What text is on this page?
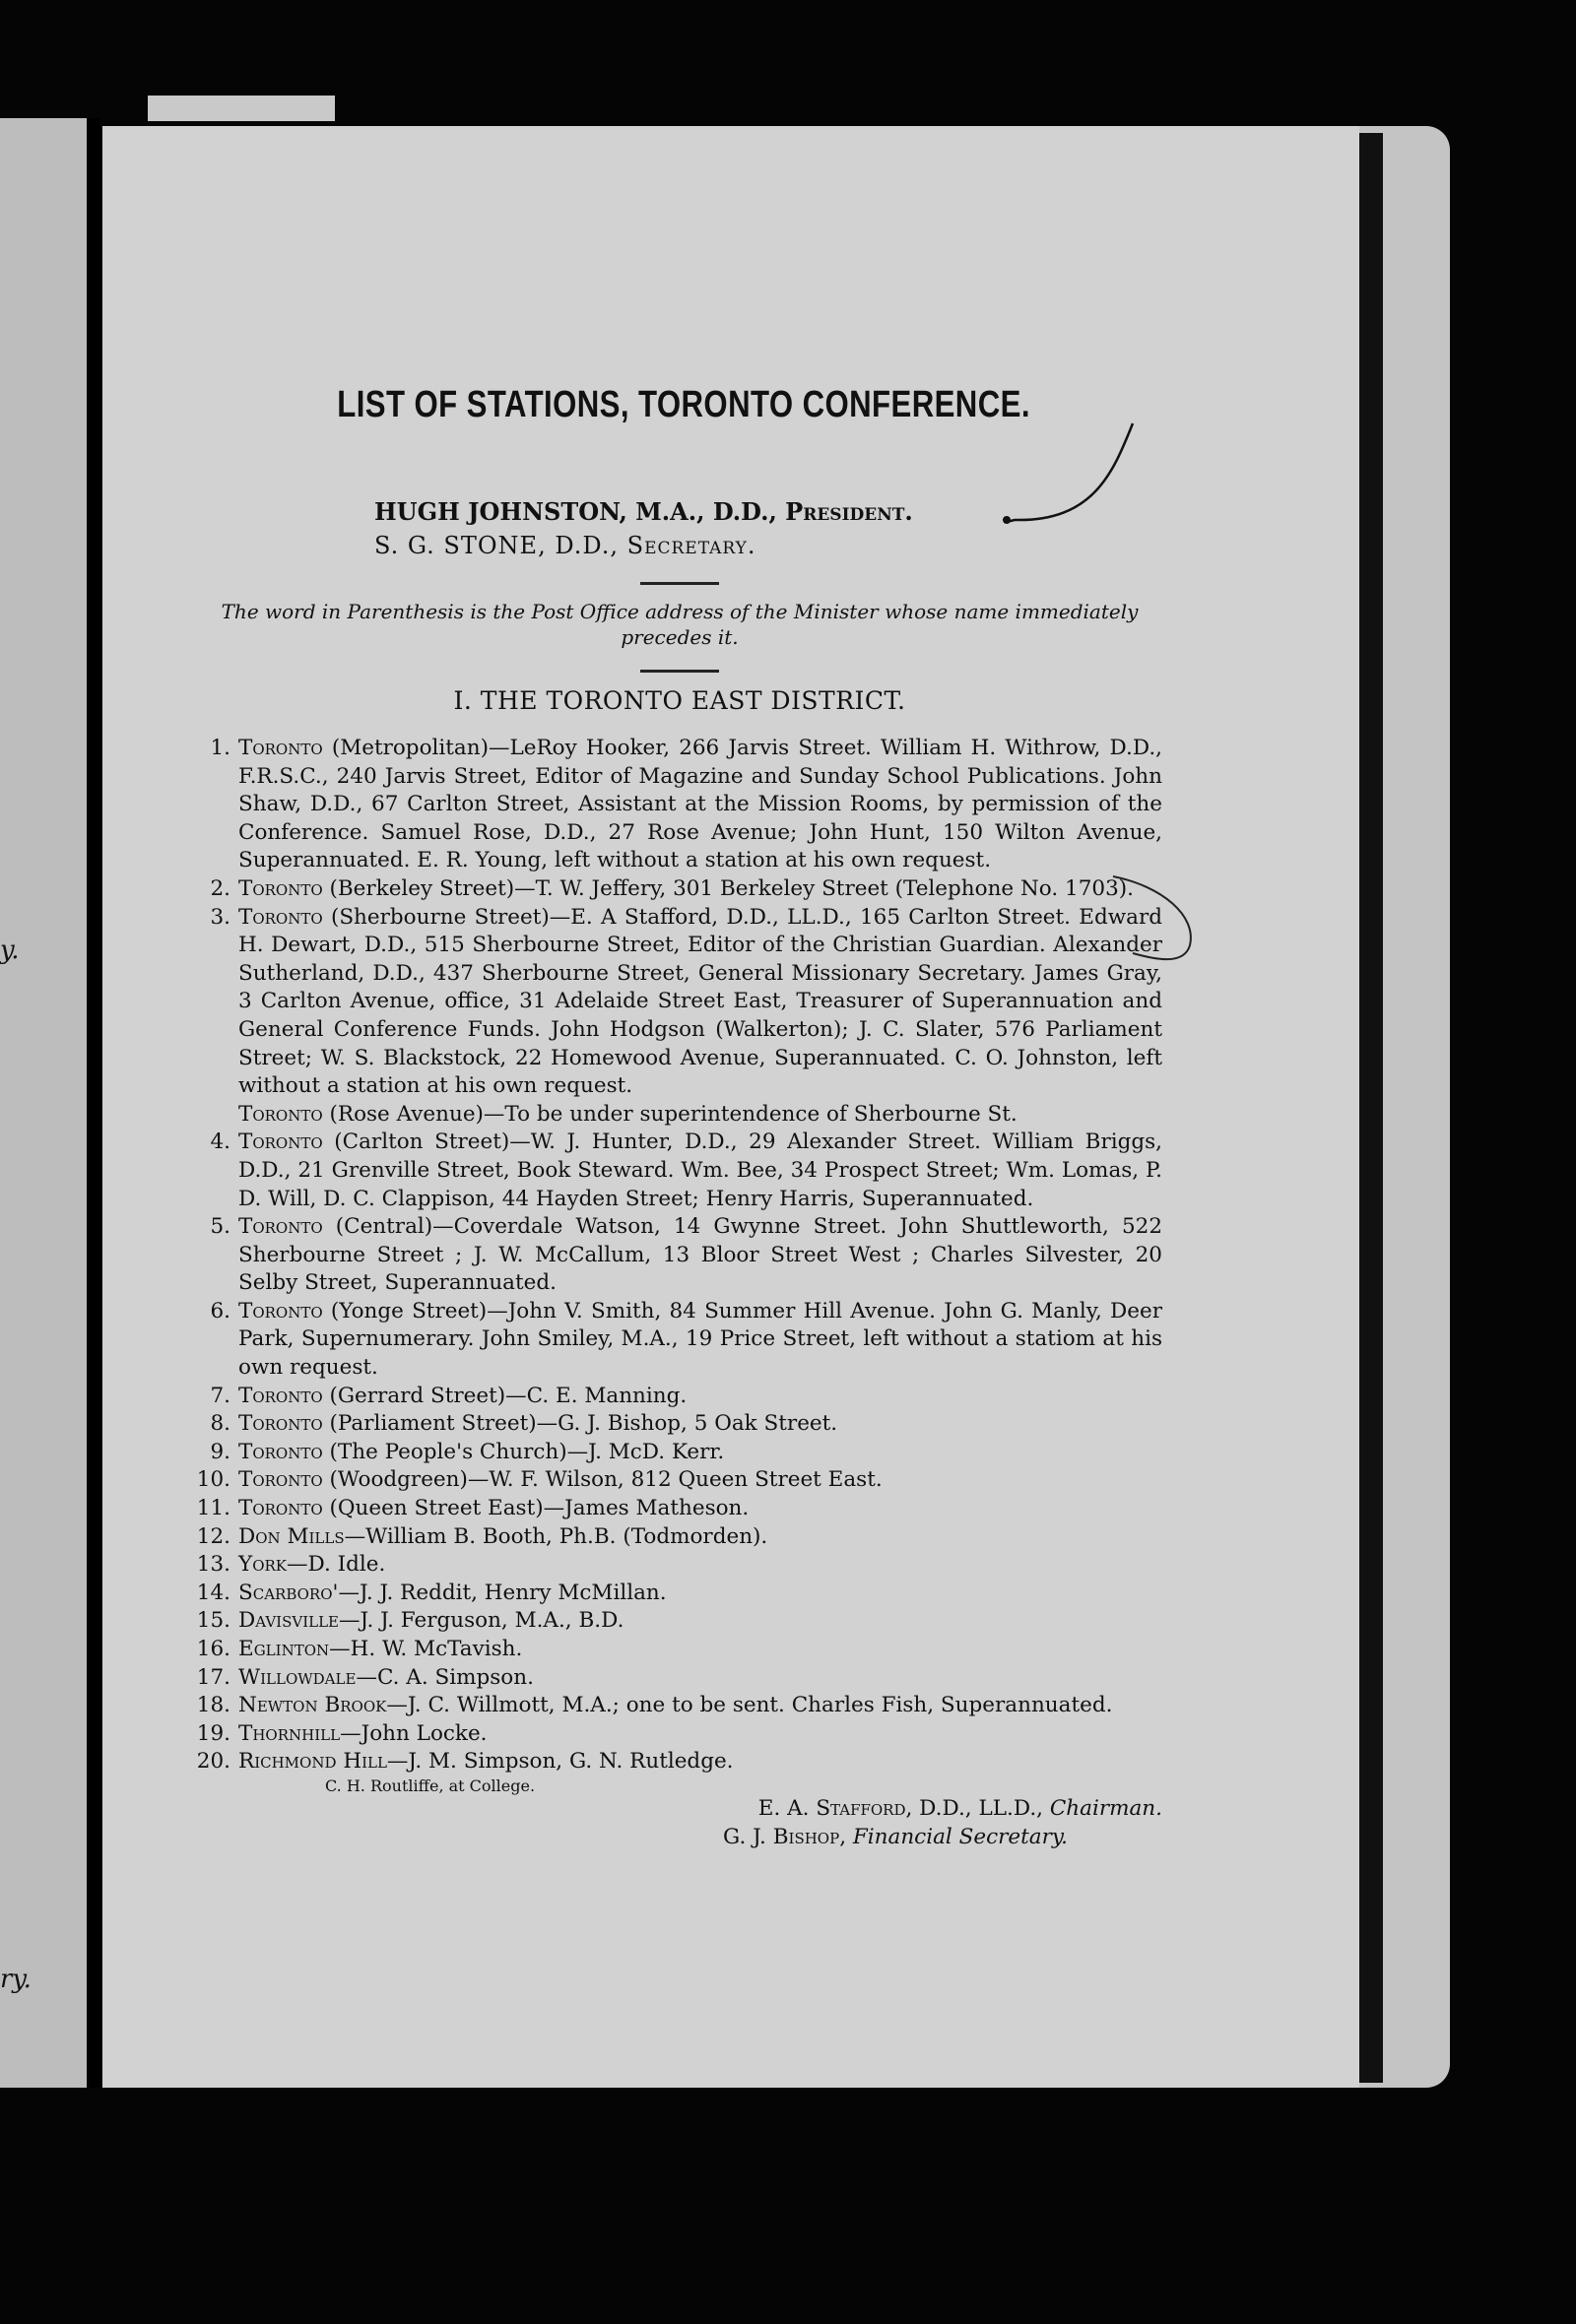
y.
ry.
LIST OF STATIONS, TORONTO CONFERENCE.
HUGH JOHNSTON, M.A., D.D., President.
S. G. STONE, D.D., Secretary.
The word in Parenthesis is the Post Office address of the Minister whose name immediately precedes it.
I. THE TORONTO EAST DISTRICT.
1. Toronto (Metropolitan)—LeRoy Hooker, 266 Jarvis Street. William H. Withrow, D.D., F.R.S.C., 240 Jarvis Street, Editor of Magazine and Sunday School Publications. John Shaw, D.D., 67 Carlton Street, Assistant at the Mission Rooms, by permission of the Conference. Samuel Rose, D.D., 27 Rose Avenue; John Hunt, 150 Wilton Avenue, Superannuated. E. R. Young, left without a station at his own request.
2. Toronto (Berkeley Street)—T. W. Jeffery, 301 Berkeley Street (Telephone No. 1703).
3. Toronto (Sherbourne Street)—E. A Stafford, D.D., LL.D., 165 Carlton Street. Edward H. Dewart, D.D., 515 Sherbourne Street, Editor of the Christian Guardian. Alexander Sutherland, D.D., 437 Sherbourne Street, General Missionary Secretary. James Gray, 3 Carlton Avenue, office, 31 Adelaide Street East, Treasurer of Superannuation and General Conference Funds. John Hodgson (Walkerton); J. C. Slater, 576 Parliament Street; W. S. Blackstock, 22 Homewood Avenue, Superannuated. C. O. Johnston, left without a station at his own request.
Toronto (Rose Avenue)—To be under superintendence of Sherbourne St.
4. Toronto (Carlton Street)—W. J. Hunter, D.D., 29 Alexander Street. William Briggs, D.D., 21 Grenville Street, Book Steward. Wm. Bee, 34 Prospect Street; Wm. Lomas, P. D. Will, D. C. Clappison, 44 Hayden Street; Henry Harris, Superannuated.
5. Toronto (Central)—Coverdale Watson, 14 Gwynne Street. John Shuttleworth, 522 Sherbourne Street ; J. W. McCallum, 13 Bloor Street West ; Charles Silvester, 20 Selby Street, Superannuated.
6. Toronto (Yonge Street)—John V. Smith, 84 Summer Hill Avenue. John G. Manly, Deer Park, Supernumerary. John Smiley, M.A., 19 Price Street, left without a statiom at his own request.
7. Toronto (Gerrard Street)—C. E. Manning.
8. Toronto (Parliament Street)—G. J. Bishop, 5 Oak Street.
9. Toronto (The People's Church)—J. McD. Kerr.
10. Toronto (Woodgreen)—W. F. Wilson, 812 Queen Street East.
11. Toronto (Queen Street East)—James Matheson.
12. Don Mills—William B. Booth, Ph.B. (Todmorden).
13. York—D. Idle.
14. Scarboro'—J. J. Reddit, Henry McMillan.
15. Davisville—J. J. Ferguson, M.A., B.D.
16. Eglinton—H. W. McTavish.
17. Willowdale—C. A. Simpson.
18. Newton Brook—J. C. Willmott, M.A.; one to be sent. Charles Fish, Superannuated.
19. Thornhill—John Locke.
20. Richmond Hill—J. M. Simpson, G. N. Rutledge.
C. H. Routliffe, at College.
E. A. Stafford, D.D., LL.D., Chairman.
G. J. Bishop, Financial Secretary.
